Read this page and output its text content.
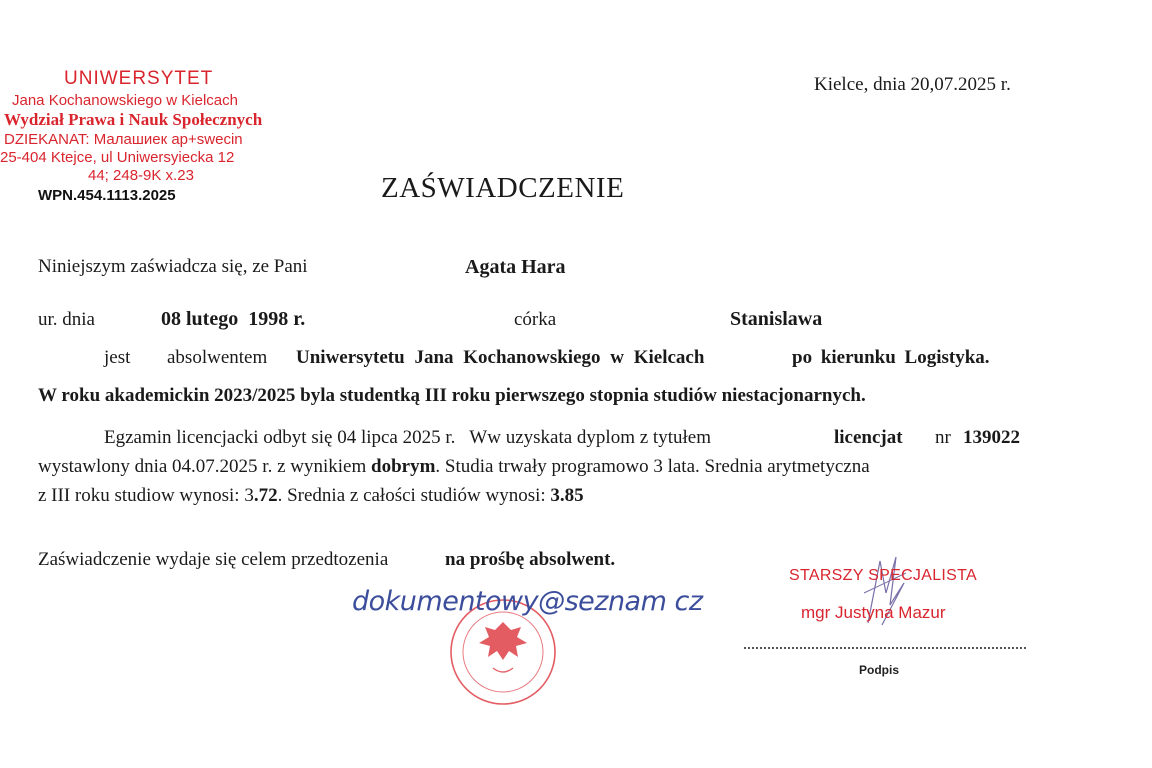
UNIWERSYTET
Jana Kochanowskiego w Kielcach
Wydział Prawa i Nauk Społecznych
DZIEKANAT: Малашиек ap+swecin
25-404 Ktejce, ul Uniwersyiecka 12
44; 248-9K x.23
WPN.454.1113.2025
Kielce, dnia 20,07.2025 r.
ZAŚWIADCZENIE
Niniejszym zaświadcza się, ze Pani	Agata Hara
ur. dnia	08 lutego  1998 r.	córka	Stanislawa
jest absolwentem Uniwersytetu Jana Kochanowskiego w Kielcach	po kierunku Logistyka.
W roku akademickin 2023/2025 byla studentką III roku pierwszego stopnia studiów niestacjonarnych.
Egzamin licencjacki odbyt się 04 lipca 2025 r.   Ww uzyskata dyplom z tytułem	licencjat nr 139022
wystawlony dnia 04.07.2025 r. z wynikiem dobrym. Studia trwały programowo 3 lata. Srednia arytmetyczna
z III roku studiow wynosi: 3.72. Srednia z całości studiów wynosi: 3.85
Zaświadczenie wydaje się celem przedtozenia	na prośbę absolwent.
dokumentowy@seznam cz
STARSZY SPECJALISTA
mgr Justyna Mazur
Podpis
